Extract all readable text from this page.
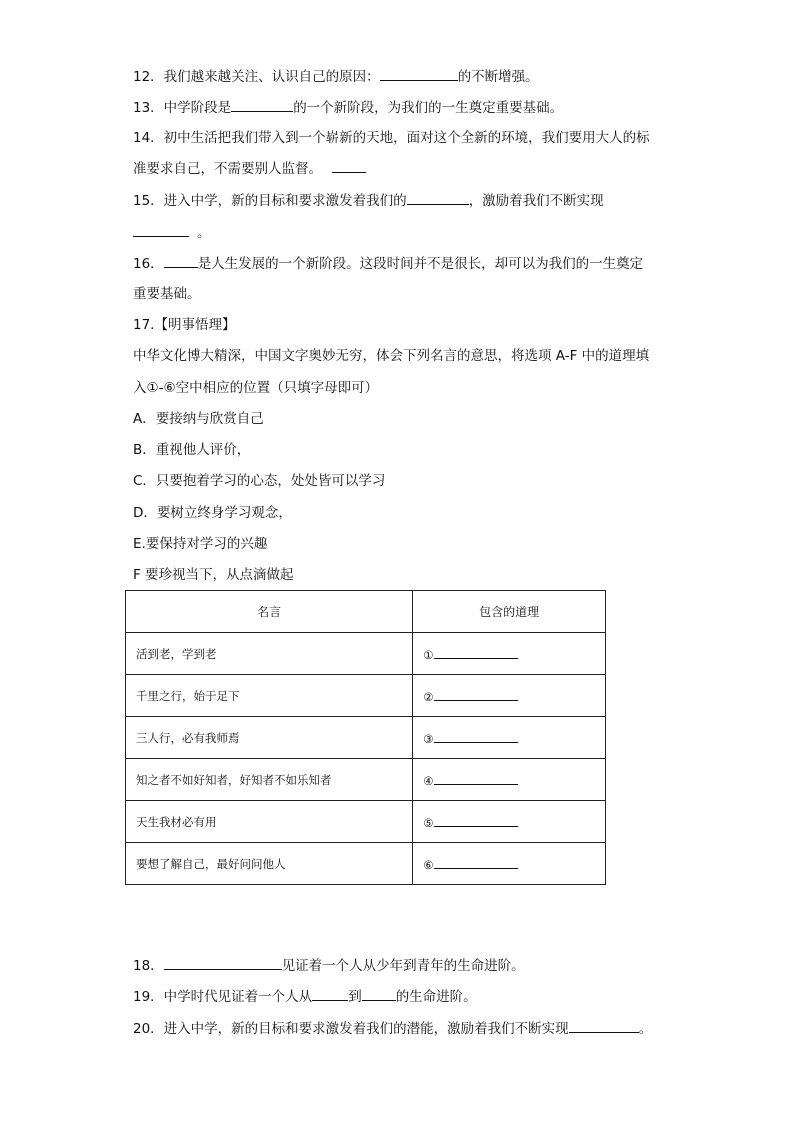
12．我们越来越关注、认识自己的原因：	的不断增强。
13．中学阶段是	的一个新阶段，为我们的一生奠定重要基础。
14．初中生活把我们带入到一个崭新的天地，面对这个全新的环境，我们要用大人的标
准要求自己，不需要别人监督。
15．进入中学，新的目标和要求激发着我们的	，激励着我们不断实现
。
16．	是人生发展的一个新阶段。这段时间并不是很长，却可以为我们的一生奠定
重要基础。
17.【明事悟理】
中华文化博大精深，中国文字奥妙无穷，体会下列名言的意思，将选项 A-F 中的道理填
入①-⑥空中相应的位置（只填字母即可）
A．要接纳与欣赏自己
B．重视他人评价，
C．只要抱着学习的心态，处处皆可以学习
D．要树立终身学习观念，
E.要保持对学习的兴趣
F 要珍视当下，从点滴做起
名言	包含的道理
活到老，学到老	①
千里之行，始于足下	②
三人行，必有我师焉	③
知之者不如好知者，好知者不如乐知者	④
天生我材必有用	⑤
要想了解自己，最好问问他人	⑥
18．	见证着一个人从少年到青年的生命进阶。
19．中学时代见证着一个人从	到	的生命进阶。
20．进入中学，新的目标和要求激发着我们的潜能，激励着我们不断实现	。
